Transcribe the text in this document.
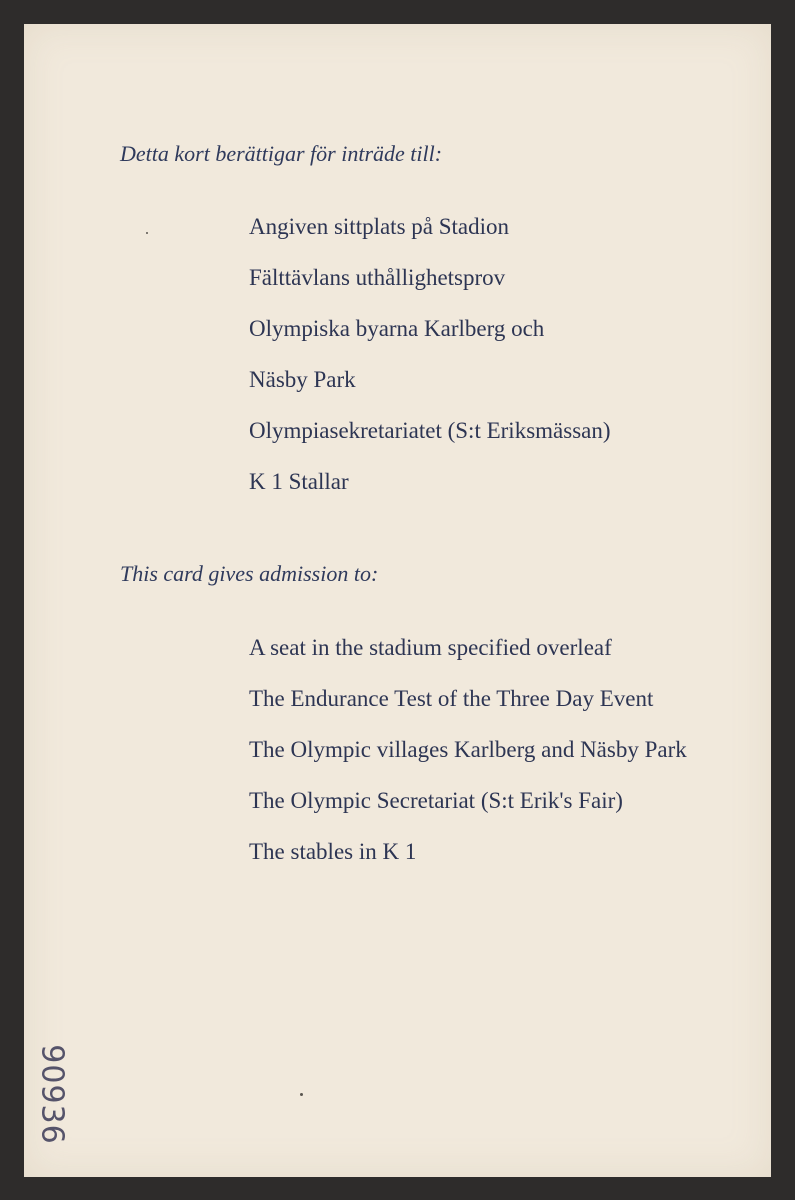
Detta kort berättigar för inträde till:
Angiven sittplats på Stadion
Fälttävlans uthållighetsprov
Olympiska byarna Karlberg och
Näsby Park
Olympiasekretariatet (S:t Eriksmässan)
K 1 Stallar
This card gives admission to:
A seat in the stadium specified overleaf
The Endurance Test of the Three Day Event
The Olympic villages Karlberg and Näsby Park
The Olympic Secretariat (S:t Erik's Fair)
The stables in K 1
90936
